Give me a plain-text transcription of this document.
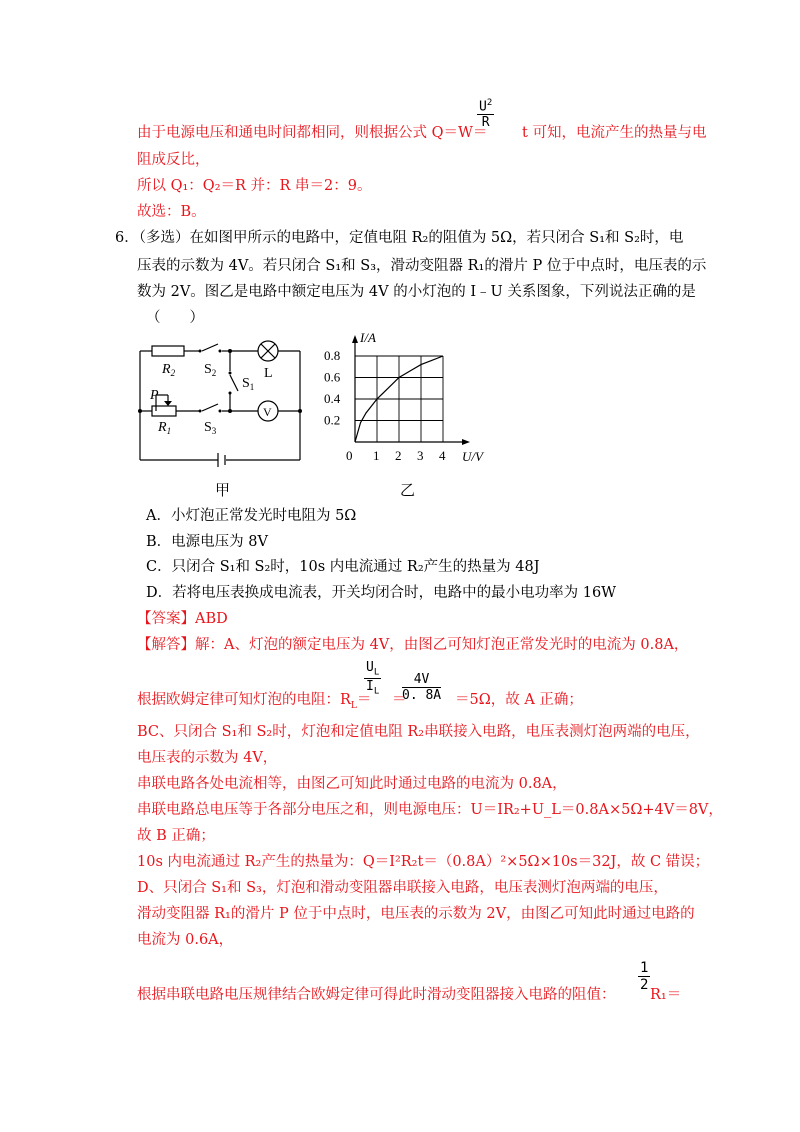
$\frac{U^2}{R}$
由于电源电压和通电时间都相同，则根据公式 Q＝W＝ t 可知，电流产生的热量与电
阻成反比，
所以 Q₁：Q₂＝R 并：R 串＝2：9。
故选：B。
6．（多选）在如图甲所示的电路中，定值电阻 R₂的阻值为 5Ω，若只闭合 S₁和 S₂时，电
压表的示数为 4V。若只闭合 S₁和 S₃，滑动变阻器 R₁的滑片 P 位于中点时，电压表的示
数为 2V。图乙是电路中额定电压为 4V 的小灯泡的 I﹣U 关系图象，下列说法正确的是
（　　）
$R_2$ $S_2$	L
$S_1$
P
$R_1$ $S_3$
V
甲
1 2 3 4
0.2
0.4
0.6
0.8
0
I/A
U/V
乙
A．小灯泡正常发光时电阻为 5Ω
B．电源电压为 8V
C．只闭合 S₁和 S₂时，10s 内电流通过 R₂产生的热量为 48J
D．若将电压表换成电流表，开关均闭合时，电路中的最小电功率为 16W
【答案】ABD
【解答】解：A、灯泡的额定电压为 4V，由图乙可知灯泡正常发光时的电流为 0.8A，
$\frac{U_L}{I_L} \frac{4V}{0. 8A}$
根据欧姆定律可知灯泡的电阻：$R_L=$ ＝	＝5Ω，故 A 正确；
BC、只闭合 S₁和 S₂时，灯泡和定值电阻 R₂串联接入电路，电压表测灯泡两端的电压，
电压表的示数为 4V，
串联电路各处电流相等，由图乙可知此时通过电路的电流为 0.8A，
串联电路总电压等于各部分电压之和，则电源电压：U＝IR₂+U_L＝0.8A×5Ω+4V＝8V，
故 B 正确；
10s 内电流通过 R₂产生的热量为：Q＝I²R₂t＝（0.8A）²×5Ω×10s＝32J，故 C 错误；
D、只闭合 S₁和 S₃，灯泡和滑动变阻器串联接入电路，电压表测灯泡两端的电压，
滑动变阻器 R₁的滑片 P 位于中点时，电压表的示数为 2V，由图乙可知此时通过电路的
电流为 0.6A，
$\frac{1}{2}$
根据串联电路电压规律结合欧姆定律可得此时滑动变阻器接入电路的阻值： R₁＝
